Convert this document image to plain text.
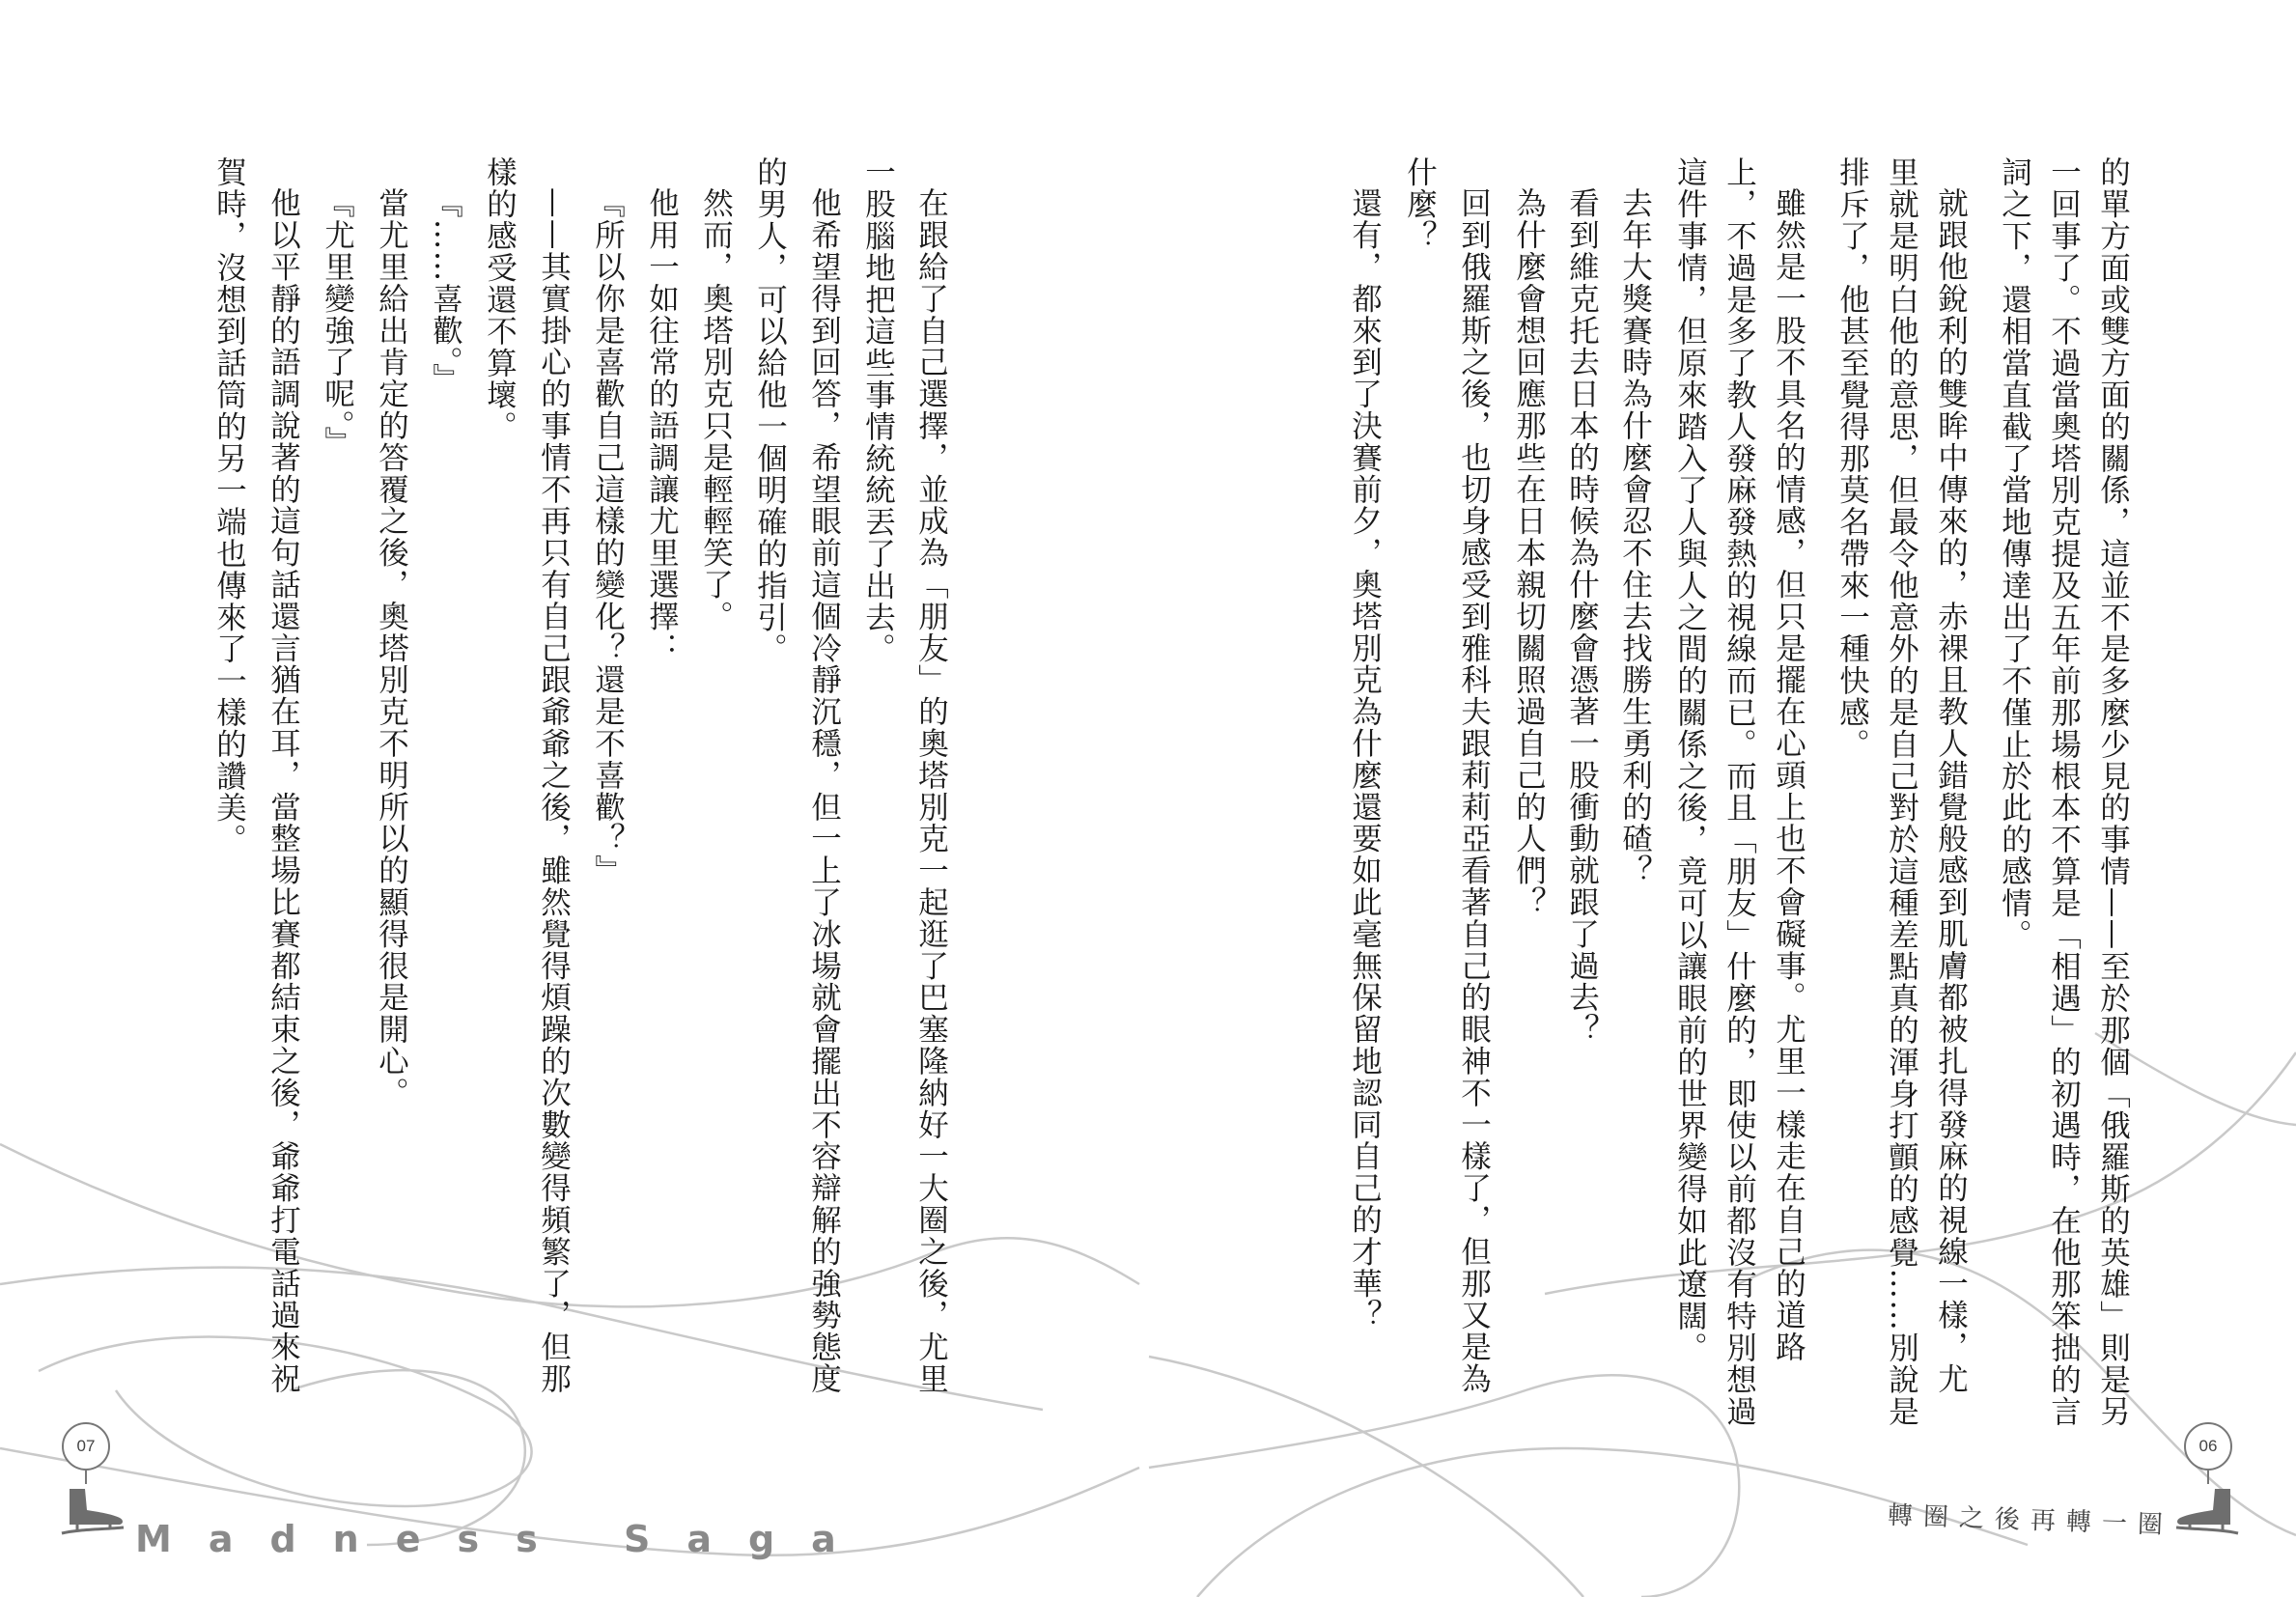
的單方面或雙方面的關係，這並不是多麼少見的事情——至於那個「俄羅斯的英雄」則是另
一回事了。不過當奧塔別克提及五年前那場根本不算是「相遇」的初遇時，在他那笨拙的言
詞之下，還相當直截了當地傳達出了不僅止於此的感情。
就跟他銳利的雙眸中傳來的，赤裸且教人錯覺般感到肌膚都被扎得發麻的視線一樣，尤
里就是明白他的意思，但最令他意外的是自己對於這種差點真的渾身打顫的感覺……別說是
排斥了，他甚至覺得那莫名帶來一種快感。
雖然是一股不具名的情感，但只是擺在心頭上也不會礙事。尤里一樣走在自己的道路
上，不過是多了教人發麻發熱的視線而已。而且「朋友」什麼的，即使以前都沒有特別想過
這件事情，但原來踏入了人與人之間的關係之後，竟可以讓眼前的世界變得如此遼闊。
去年大獎賽時為什麼會忍不住去找勝生勇利的碴？
看到維克托去日本的時候為什麼會憑著一股衝動就跟了過去？
為什麼會想回應那些在日本親切關照過自己的人們？
回到俄羅斯之後，也切身感受到雅科夫跟莉莉亞看著自己的眼神不一樣了，但那又是為
什麼？
還有，都來到了決賽前夕，奧塔別克為什麼還要如此毫無保留地認同自己的才華？
在跟給了自己選擇，並成為「朋友」的奧塔別克一起逛了巴塞隆納好一大圈之後，尤里
一股腦地把這些事情統統丟了出去。
他希望得到回答，希望眼前這個冷靜沉穩，但一上了冰場就會擺出不容辯解的強勢態度
的男人，可以給他一個明確的指引。
然而，奧塔別克只是輕輕笑了。
他用一如往常的語調讓尤里選擇：
『所以你是喜歡自己這樣的變化？還是不喜歡？』
——其實掛心的事情不再只有自己跟爺爺之後，雖然覺得煩躁的次數變得頻繁了，但那
樣的感受還不算壞。
『……喜歡。』
當尤里給出肯定的答覆之後，奧塔別克不明所以的顯得很是開心。
『尤里變強了呢。』
他以平靜的語調說著的這句話還言猶在耳，當整場比賽都結束之後，爺爺打電話過來祝
賀時，沒想到話筒的另一端也傳來了一樣的讚美。
07
Madness Saga	轉圈之後再轉一圈
06
